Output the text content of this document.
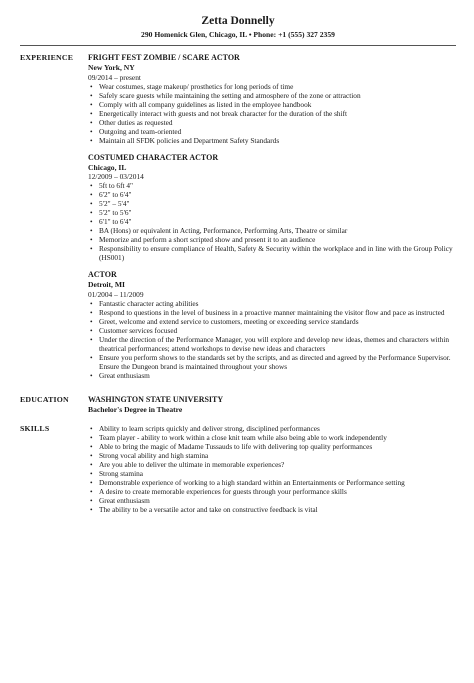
Zetta Donnelly
290 Homenick Glen, Chicago, IL • Phone: +1 (555) 327 2359
EXPERIENCE	FRIGHT FEST ZOMBIE / SCARE ACTOR
New York, NY
09/2014 – present
• Wear costumes, stage makeup/ prosthetics for long periods of time
• Safely scare guests while maintaining the setting and atmosphere of the zone or attraction
• Comply with all company guidelines as listed in the employee handbook
• Energetically interact with guests and not break character for the duration of the shift
• Other duties as requested
• Outgoing and team-oriented
• Maintain all SFDK policies and Department Safety Standards
COSTUMED CHARACTER ACTOR
Chicago, IL
12/2009 – 03/2014
• 5ft to 6ft 4"
• 6'2" to 6'4"
• 5'2" – 5'4"
• 5'2" to 5'6"
• 6'1" to 6'4"
• BA (Hons) or equivalent in Acting, Performance, Performing Arts, Theatre or similar
• Memorize and perform a short scripted show and present it to an audience
• Responsibility to ensure compliance of Health, Safety & Security within the workplace and in line with the Group Policy (HS001)
ACTOR
Detroit, MI
01/2004 – 11/2009
• Fantastic character acting abilities
• Respond to questions in the level of business in a proactive manner maintaining the visitor flow and pace as instructed
• Greet, welcome and extend service to customers, meeting or exceeding service standards
• Customer services focused
• Under the direction of the Performance Manager, you will explore and develop new ideas, themes and characters within theatrical performances; attend workshops to devise new ideas and characters
• Ensure you perform shows to the standards set by the scripts, and as directed and agreed by the Performance Supervisor. Ensure the Dungeon brand is maintained throughout your shows
• Great enthusiasm
EDUCATION	WASHINGTON STATE UNIVERSITY
Bachelor's Degree in Theatre
SKILLS
•	Ability to learn scripts quickly and deliver strong, disciplined performances
• Team player - ability to work within a close knit team while also being able to work independently
• Able to bring the magic of Madame Tussauds to life with delivering top quality performances
• Strong vocal ability and high stamina
• Are you able to deliver the ultimate in memorable experiences?
• Strong stamina
• Demonstrable experience of working to a high standard within an Entertainments or Performance setting
• A desire to create memorable experiences for guests through your performance skills
• Great enthusiasm
• The ability to be a versatile actor and take on constructive feedback is vital
